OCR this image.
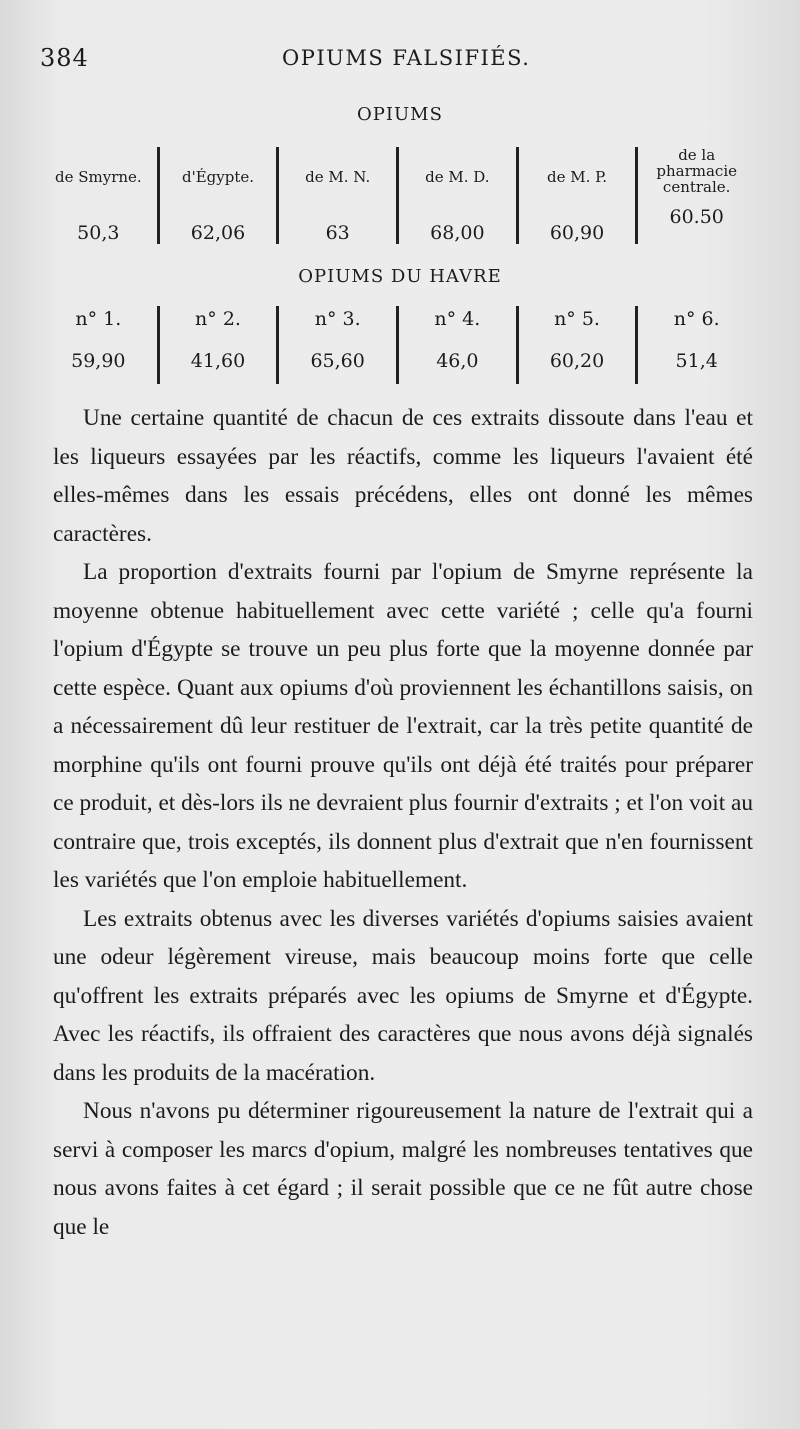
384	OPIUMS FALSIFIÉS.
OPIUMS
de Smyrne.
50,3
d'Égypte.
62,06
de M. N.
63
de M. D.
68,00
de M. P.
60,90
de la pharmacie centrale.
60.50
OPIUMS DU HAVRE
n° 1.
59,90
n° 2.
41,60
n° 3.
65,60
n° 4.
46,0
n° 5.
60,20
n° 6.
51,4

Une certaine quantité de chacun de ces extraits dissoute dans l'eau et les liqueurs essayées par les réactifs, comme les liqueurs l'avaient été elles-mêmes dans les essais précédens, elles ont donné les mêmes caractères.

La proportion d'extraits fourni par l'opium de Smyrne représente la moyenne obtenue habituellement avec cette variété ; celle qu'a fourni l'opium d'Égypte se trouve un peu plus forte que la moyenne donnée par cette espèce. Quant aux opiums d'où proviennent les échantillons saisis, on a nécessairement dû leur restituer de l'extrait, car la très petite quantité de morphine qu'ils ont fourni prouve qu'ils ont déjà été traités pour préparer ce produit, et dès-lors ils ne devraient plus fournir d'extraits ; et l'on voit au contraire que, trois exceptés, ils donnent plus d'extrait que n'en fournissent les variétés que l'on emploie habituellement.

Les extraits obtenus avec les diverses variétés d'opiums saisies avaient une odeur légèrement vireuse, mais beaucoup moins forte que celle qu'offrent les extraits préparés avec les opiums de Smyrne et d'Égypte. Avec les réactifs, ils offraient des caractères que nous avons déjà signalés dans les produits de la macération.

Nous n'avons pu déterminer rigoureusement la nature de l'extrait qui a servi à composer les marcs d'opium, malgré les nombreuses tentatives que nous avons faites à cet égard ; il serait possible que ce ne fût autre chose que le
